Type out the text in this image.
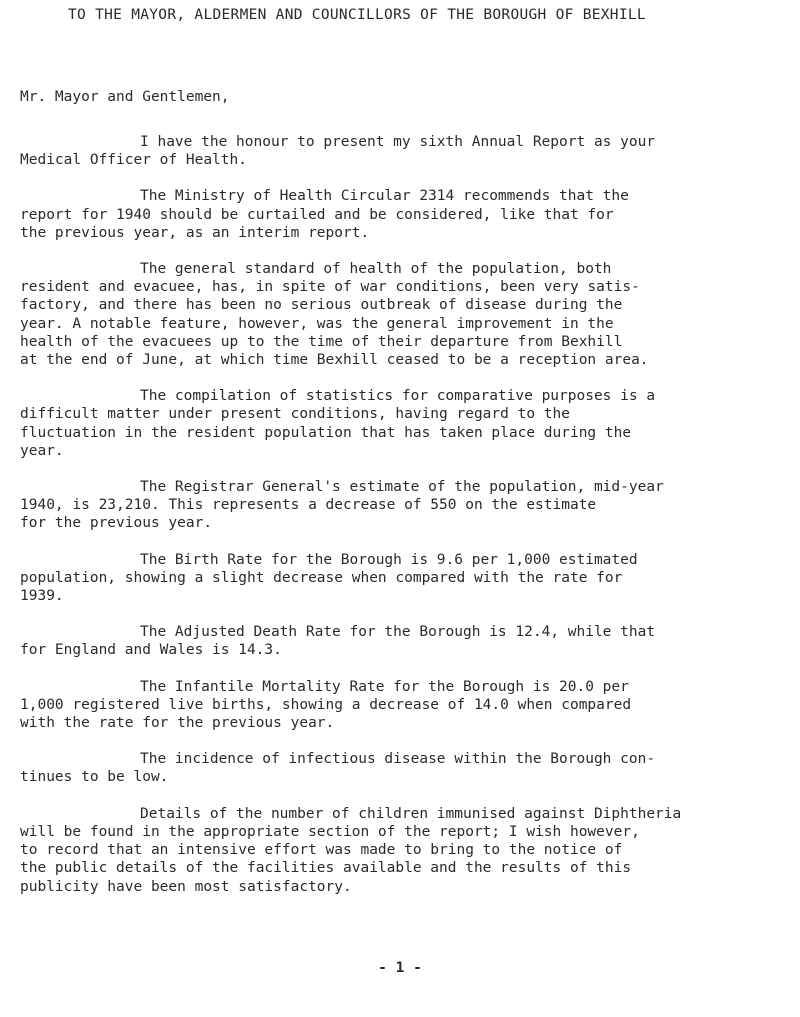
TO THE MAYOR, ALDERMEN AND COUNCILLORS OF THE BOROUGH OF BEXHILL
Mr. Mayor and Gentlemen,
I have the honour to present my sixth Annual Report as your
Medical Officer of Health.
The Ministry of Health Circular 2314 recommends that the
report for 1940 should be curtailed and be considered, like that for
the previous year, as an interim report.
The general standard of health of the population, both
resident and evacuee, has, in spite of war conditions, been very satis-
factory, and there has been no serious outbreak of disease during the
year. A notable feature, however, was the general improvement in the
health of the evacuees up to the time of their departure from Bexhill
at the end of June, at which time Bexhill ceased to be a reception area.
The compilation of statistics for comparative purposes is a
difficult matter under present conditions, having regard to the
fluctuation in the resident population that has taken place during the
year.
The Registrar General's estimate of the population, mid-year
1940, is 23,210. This represents a decrease of 550 on the estimate
for the previous year.
The Birth Rate for the Borough is 9.6 per 1,000 estimated
population, showing a slight decrease when compared with the rate for
1939.
The Adjusted Death Rate for the Borough is 12.4, while that
for England and Wales is 14.3.
The Infantile Mortality Rate for the Borough is 20.0 per
1,000 registered live births, showing a decrease of 14.0 when compared
with the rate for the previous year.
The incidence of infectious disease within the Borough con-
tinues to be low.
Details of the number of children immunised against Diphtheria
will be found in the appropriate section of the report; I wish however,
to record that an intensive effort was made to bring to the notice of
the public details of the facilities available and the results of this
publicity have been most satisfactory.
- 1 -
